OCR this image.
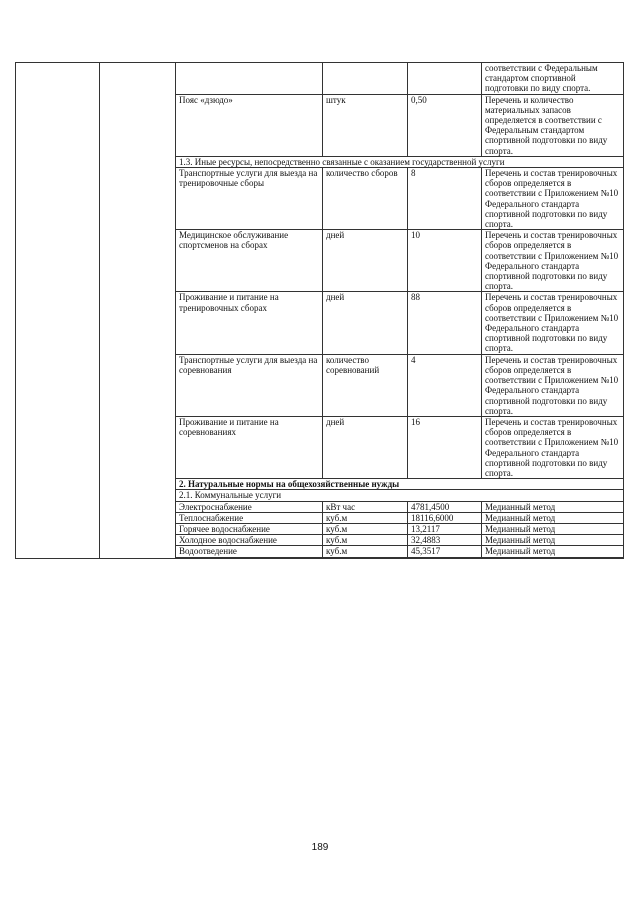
					соответствии с Федеральным стандартом спортивной подготовки по виду спорта.
		Пояс «дзюдо»	штук	0,50	Перечень и количество материальных запасов определяется в соответствии с Федеральным стандартом спортивной подготовки по виду спорта.
		1.3. Иные ресурсы, непосредственно связанные с оказанием государственной услуги			
		Транспортные услуги для выезда на тренировочные сборы	количество сборов	8	Перечень и состав тренировочных сборов определяется в соответствии с Приложением №10 Федерального стандарта спортивной подготовки по виду спорта.
		Медицинское обслуживание спортсменов на сборах	дней	10	Перечень и состав тренировочных сборов определяется в соответствии с Приложением №10 Федерального стандарта спортивной подготовки по виду спорта.
		Проживание и питание на тренировочных сборах	дней	88	Перечень и состав тренировочных сборов определяется в соответствии с Приложением №10 Федерального стандарта спортивной подготовки по виду спорта.
		Транспортные услуги для выезда на соревнования	количество соревнований	4	Перечень и состав тренировочных сборов определяется в соответствии с Приложением №10 Федерального стандарта спортивной подготовки по виду спорта.
		Проживание и питание на соревнованиях	дней	16	Перечень и состав тренировочных сборов определяется в соответствии с Приложением №10 Федерального стандарта спортивной подготовки по виду спорта.
		2. Натуральные нормы на общехозяйственные нужды			
		2.1. Коммунальные услуги			
		Электроснабжение	кВт час	4781,4500	Медианный метод
		Теплоснабжение	куб.м	18116,6000	Медианный метод
		Горячее водоснабжение	куб.м	13,2117	Медианный метод
		Холодное водоснабжение	куб.м	32,4883	Медианный метод
		Водоотведение	куб.м	45,3517	Медианный метод

189
